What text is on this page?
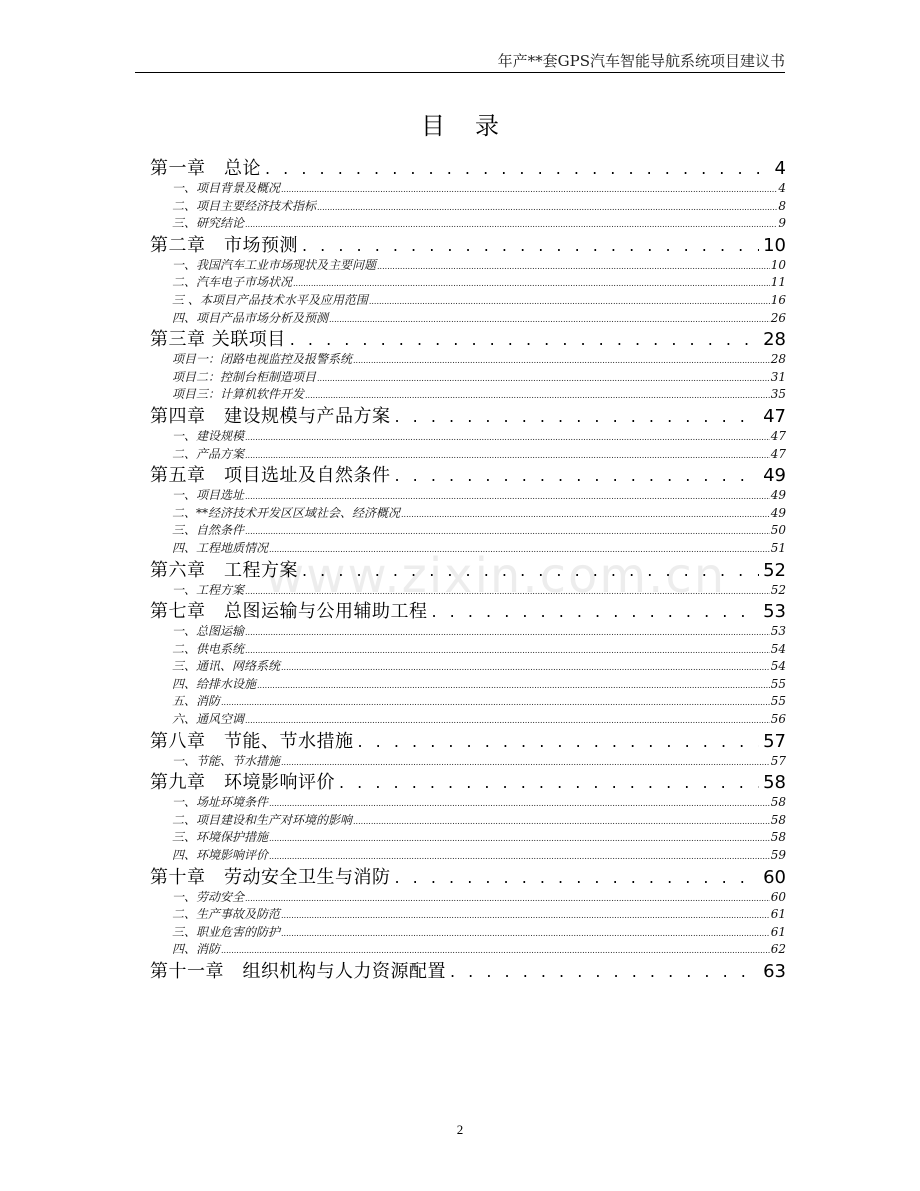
年产**套GPS汽车智能导航系统项目建议书
目录
www.zixin.com.cn
第一章　总论 . . .	4
一、项目背景及概况 .....	4
二、项目主要经济技术指标 .....	8
三、研究结论 .....	9
第二章　市场预测 . . .	10
一、我国汽车工业市场现状及主要问题 .....	10
二、汽车电子市场状况 .....	11
三 、本项目产品技术水平及应用范围 .....	16
四、项目产品市场分析及预测 .....	26
第三章 关联项目 . . .	28
项目一：闭路电视监控及报警系统 .....	28
项目二：控制台柜制造项目 .....	31
项目三：计算机软件开发 .....	35
第四章　建设规模与产品方案 . . .	47
一、建设规模 .....	47
二、产品方案 .....	47
第五章　项目选址及自然条件 . . .	49
一、项目选址 .....	49
二、**经济技术开发区区域社会、经济概况 .....	49
三、自然条件 .....	50
四、工程地质情况 .....	51
第六章　工程方案 . . .	52
一、工程方案 .....	52
第七章　总图运输与公用辅助工程 . . .	53
一、总图运输 .....	53
二、供电系统 .....	54
三、通讯、网络系统 .....	54
四、给排水设施 .....	55
五、消防 .....	55
六、通风空调 .....	56
第八章　节能、节水措施 . . .	57
一、节能、节水措施 .....	57
第九章　环境影响评价 . . .	58
一、场址环境条件 .....	58
二、项目建设和生产对环境的影响 .....	58
三、环境保护措施 .....	58
四、环境影响评价 .....	59
第十章　劳动安全卫生与消防 . . .	60
一、劳动安全 .....	60
二、生产事故及防范 .....	61
三、职业危害的防护 .....	61
四、消防 .....	62
第十一章　组织机构与人力资源配置 . . .	63
2
